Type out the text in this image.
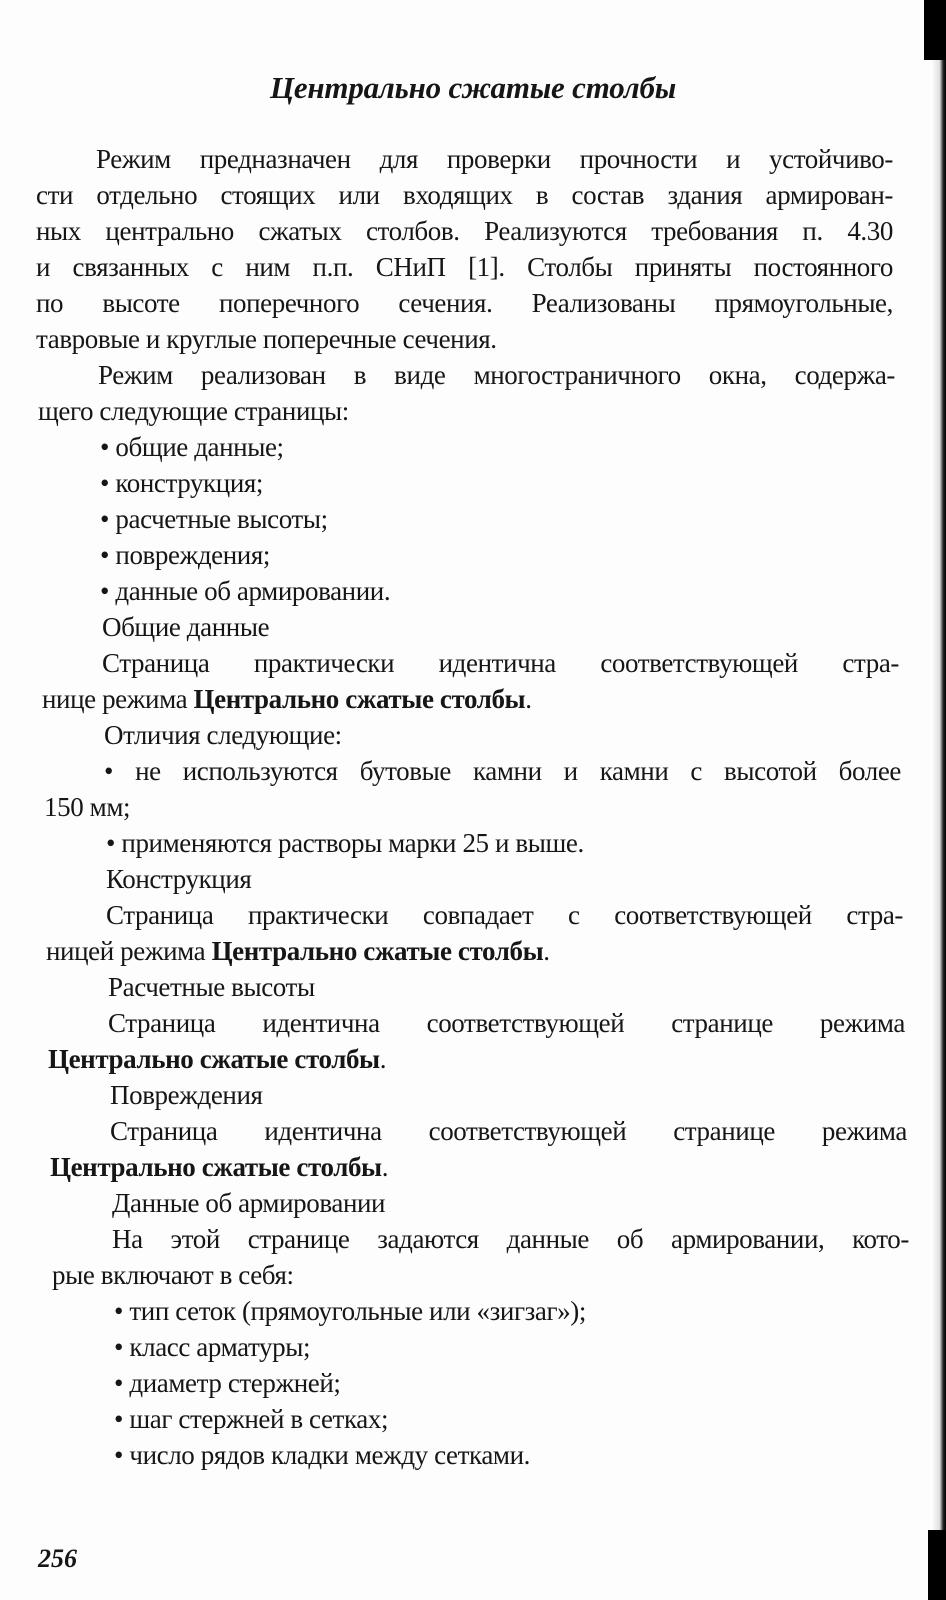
Центрально сжатые столбы
Режим предназначен для проверки прочности и устойчиво-
сти отдельно стоящих или входящих в состав здания армирован-
ных центрально сжатых столбов. Реализуются требования п. 4.30
и связанных с ним п.п. СНиП [1]. Столбы приняты постоянного
по высоте поперечного сечения. Реализованы прямоугольные,
тавровые и круглые поперечные сечения.
Режим реализован в виде многостраничного окна, содержа-
щего следующие страницы:
• общие данные;
• конструкция;
• расчетные высоты;
• повреждения;
• данные об армировании.
Общие данные
Страница практически идентична соответствующей стра-
нице режима Центрально сжатые столбы.
Отличия следующие:
• не используются бутовые камни и камни с высотой более
150 мм;
• применяются растворы марки 25 и выше.
Конструкция
Страница практически совпадает с соответствующей стра-
ницей режима Центрально сжатые столбы.
Расчетные высоты
Страница идентична соответствующей странице режима
Центрально сжатые столбы.
Повреждения
Страница идентична соответствующей странице режима
Центрально сжатые столбы.
Данные об армировании
На этой странице задаются данные об армировании, кото-
рые включают в себя:
• тип сеток (прямоугольные или «зигзаг»);
• класс арматуры;
• диаметр стержней;
• шаг стержней в сетках;
• число рядов кладки между сетками.
256
